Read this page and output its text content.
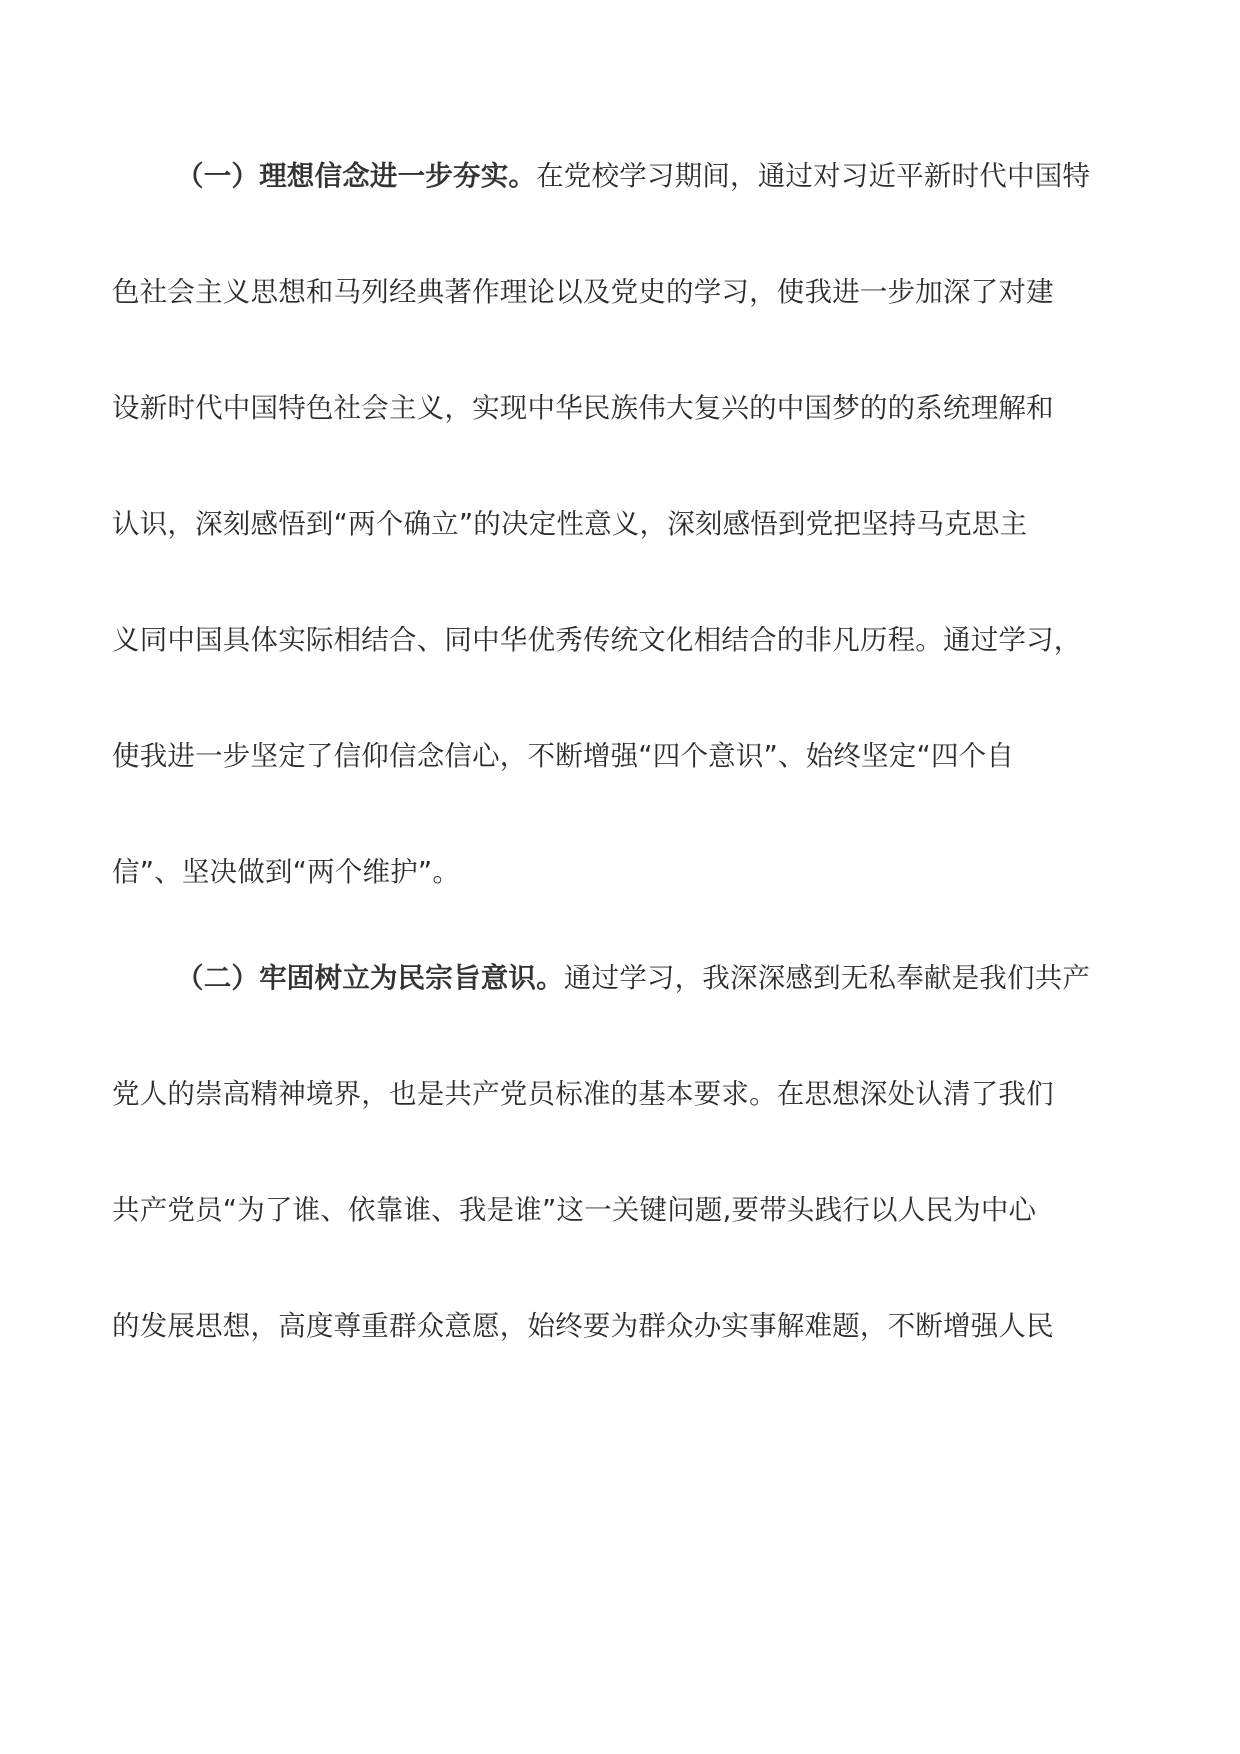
（一）理想信念进一步夯实。在党校学习期间，通过对习近平新时代中国特
色社会主义思想和马列经典著作理论以及党史的学习，使我进一步加深了对建
设新时代中国特色社会主义，实现中华民族伟大复兴的中国梦的的系统理解和
认识，深刻感悟到“两个确立”的决定性意义，深刻感悟到党把坚持马克思主
义同中国具体实际相结合、同中华优秀传统文化相结合的非凡历程。通过学习，
使我进一步坚定了信仰信念信心，不断增强“四个意识”、始终坚定“四个自
信”、坚决做到“两个维护”。
（二）牢固树立为民宗旨意识。通过学习，我深深感到无私奉献是我们共产
党人的崇高精神境界，也是共产党员标准的基本要求。在思想深处认清了我们
共产党员“为了谁、依靠谁、我是谁”这一关键问题,要带头践行以人民为中心
的发展思想，高度尊重群众意愿，始终要为群众办实事解难题，不断增强人民
